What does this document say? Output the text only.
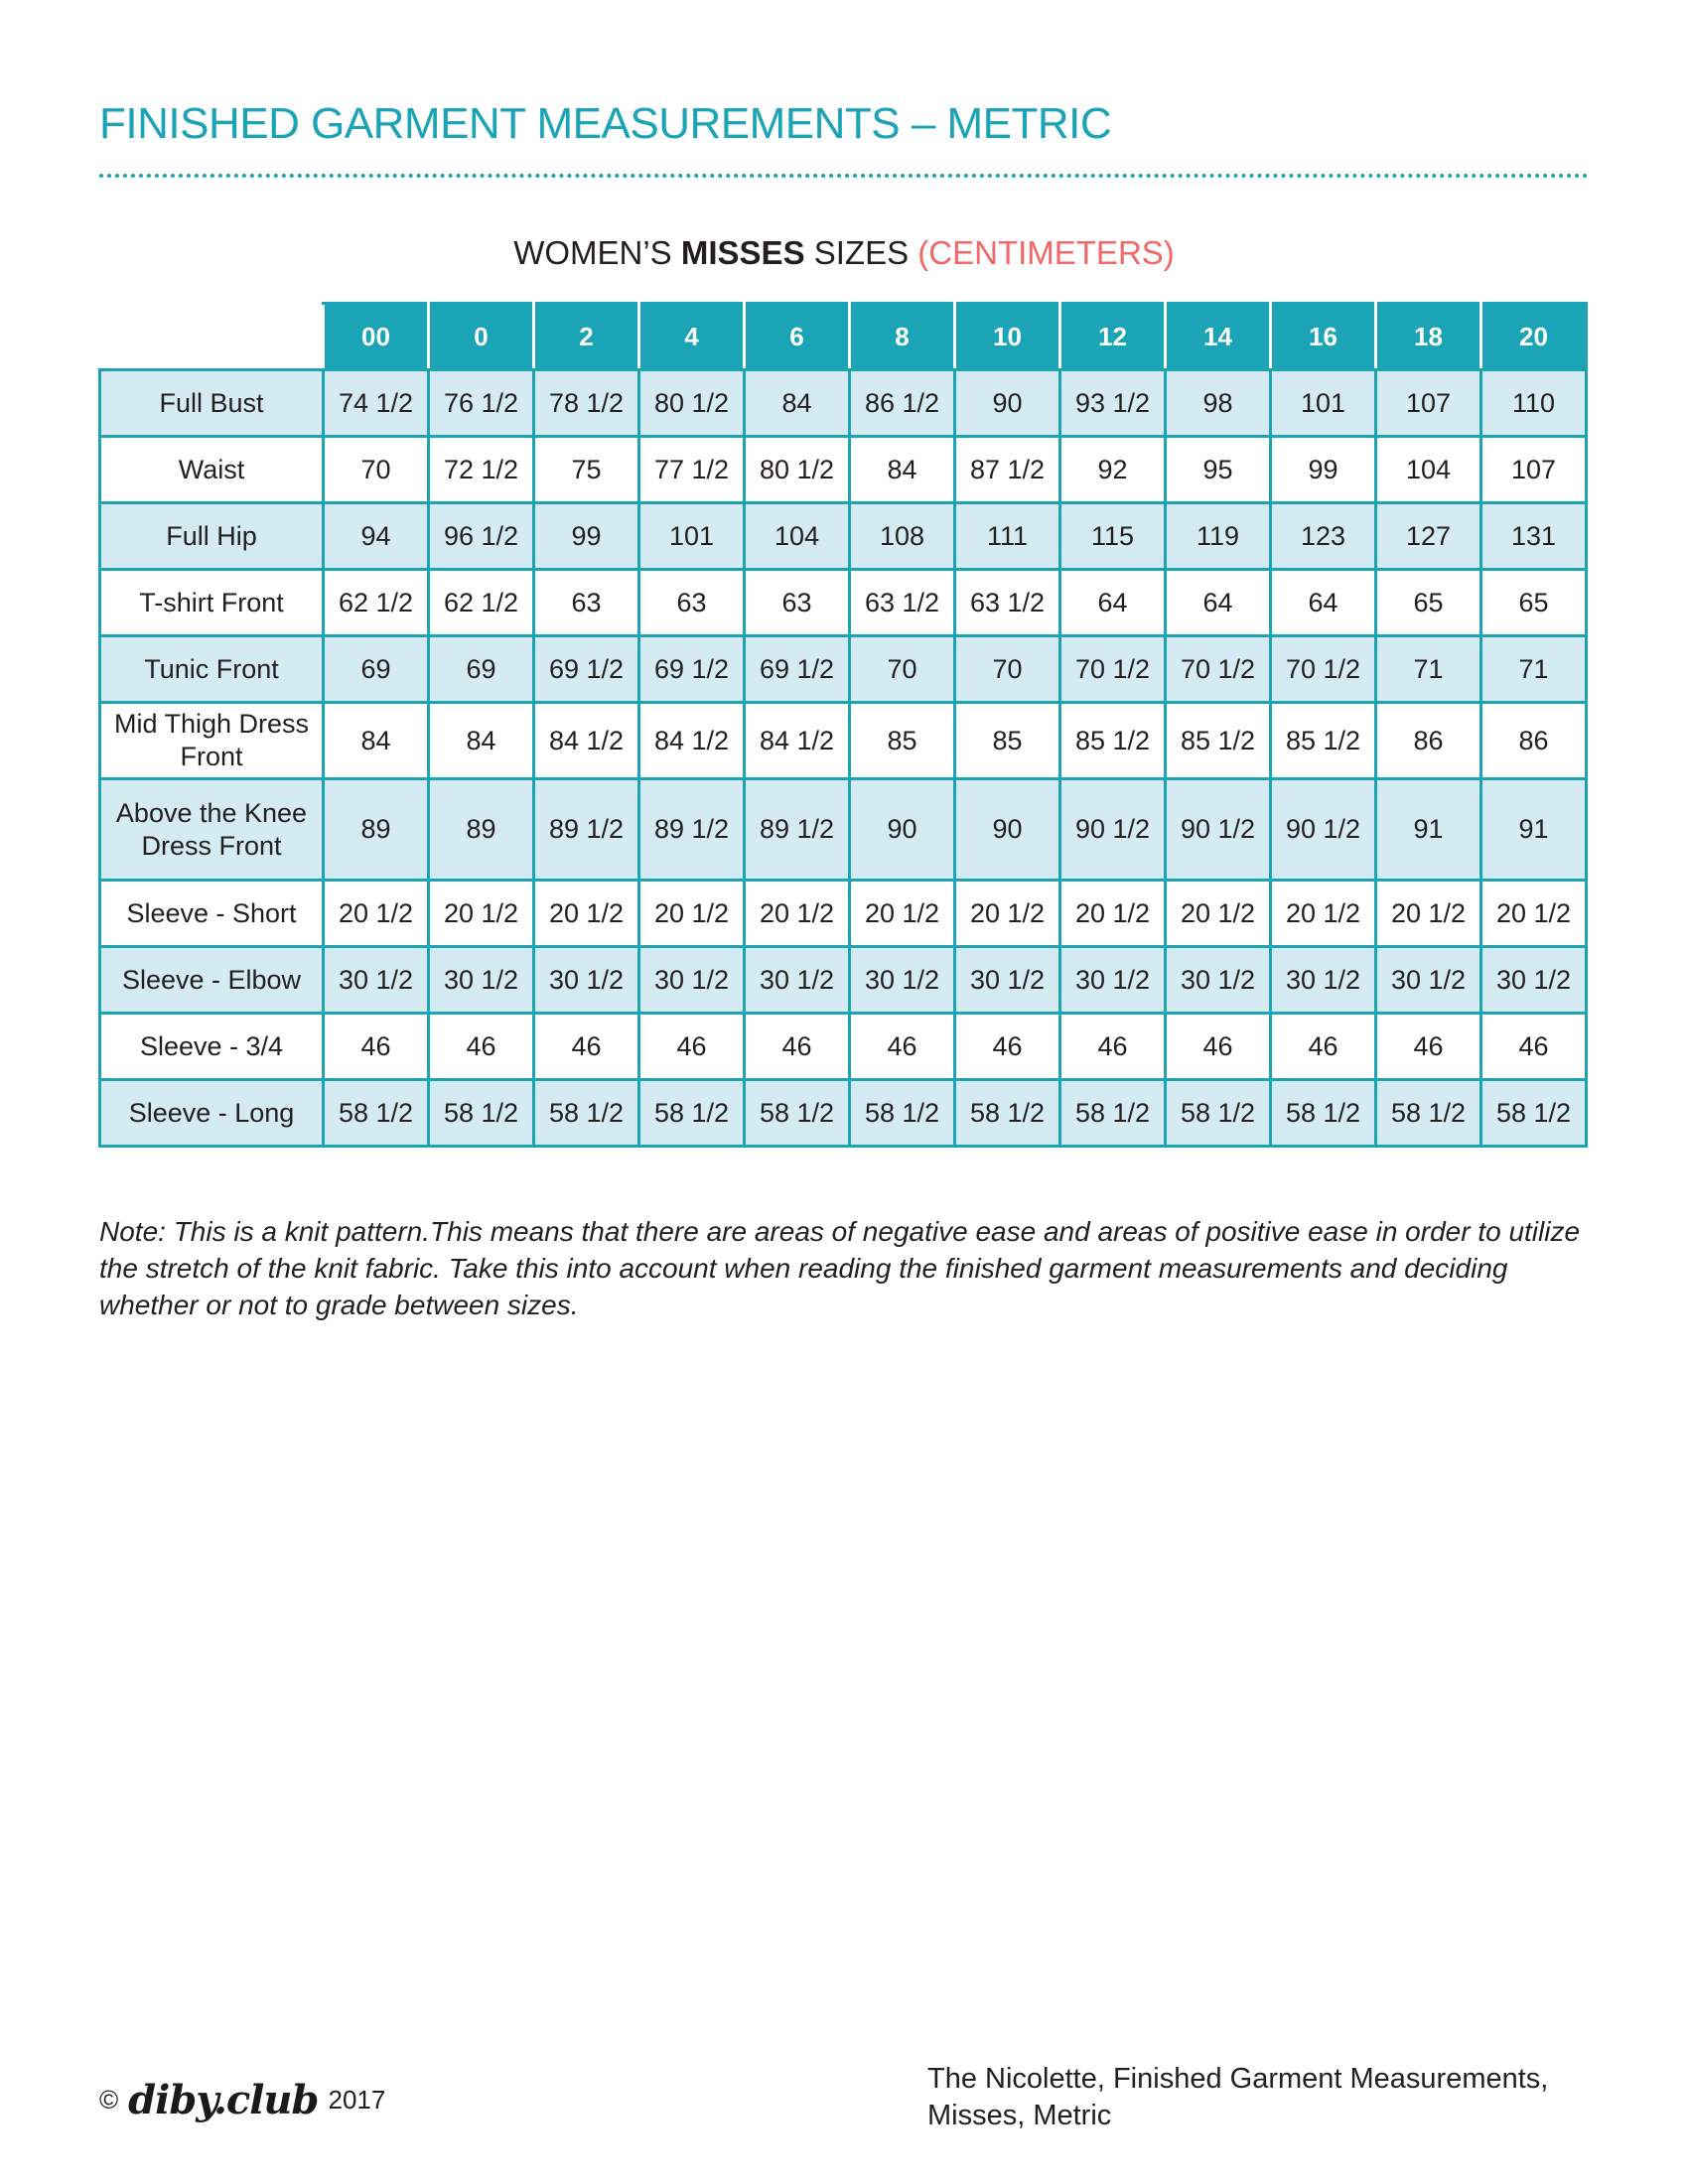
FINISHED GARMENT MEASUREMENTS – METRIC
WOMEN’S MISSES SIZES (CENTIMETERS)
	00	0	2	4	6	8	10	12	14	16	18	20
Full Bust	74 1/2	76 1/2	78 1/2	80 1/2	84	86 1/2	90	93 1/2	98	101	107	110
Waist	70	72 1/2	75	77 1/2	80 1/2	84	87 1/2	92	95	99	104	107
Full Hip	94	96 1/2	99	101	104	108	111	115	119	123	127	131
T-shirt Front	62 1/2	62 1/2	63	63	63	63 1/2	63 1/2	64	64	64	65	65
Tunic Front	69	69	69 1/2	69 1/2	69 1/2	70	70	70 1/2	70 1/2	70 1/2	71	71
Mid Thigh Dress Front	84	84	84 1/2	84 1/2	84 1/2	85	85	85 1/2	85 1/2	85 1/2	86	86
Above the Knee Dress Front	89	89	89 1/2	89 1/2	89 1/2	90	90	90 1/2	90 1/2	90 1/2	91	91
Sleeve - Short	20 1/2	20 1/2	20 1/2	20 1/2	20 1/2	20 1/2	20 1/2	20 1/2	20 1/2	20 1/2	20 1/2	20 1/2
Sleeve - Elbow	30 1/2	30 1/2	30 1/2	30 1/2	30 1/2	30 1/2	30 1/2	30 1/2	30 1/2	30 1/2	30 1/2	30 1/2
Sleeve - 3/4	46	46	46	46	46	46	46	46	46	46	46	46
Sleeve - Long	58 1/2	58 1/2	58 1/2	58 1/2	58 1/2	58 1/2	58 1/2	58 1/2	58 1/2	58 1/2	58 1/2	58 1/2

Note: This is a knit pattern.This means that there are areas of negative ease and areas of positive ease in order to utilize the stretch of the knit fabric. Take this into account when reading the finished garment measurements and deciding whether or not to grade between sizes.

© diby.club 2017
The Nicolette, Finished Garment Measurements,
Misses, Metric
